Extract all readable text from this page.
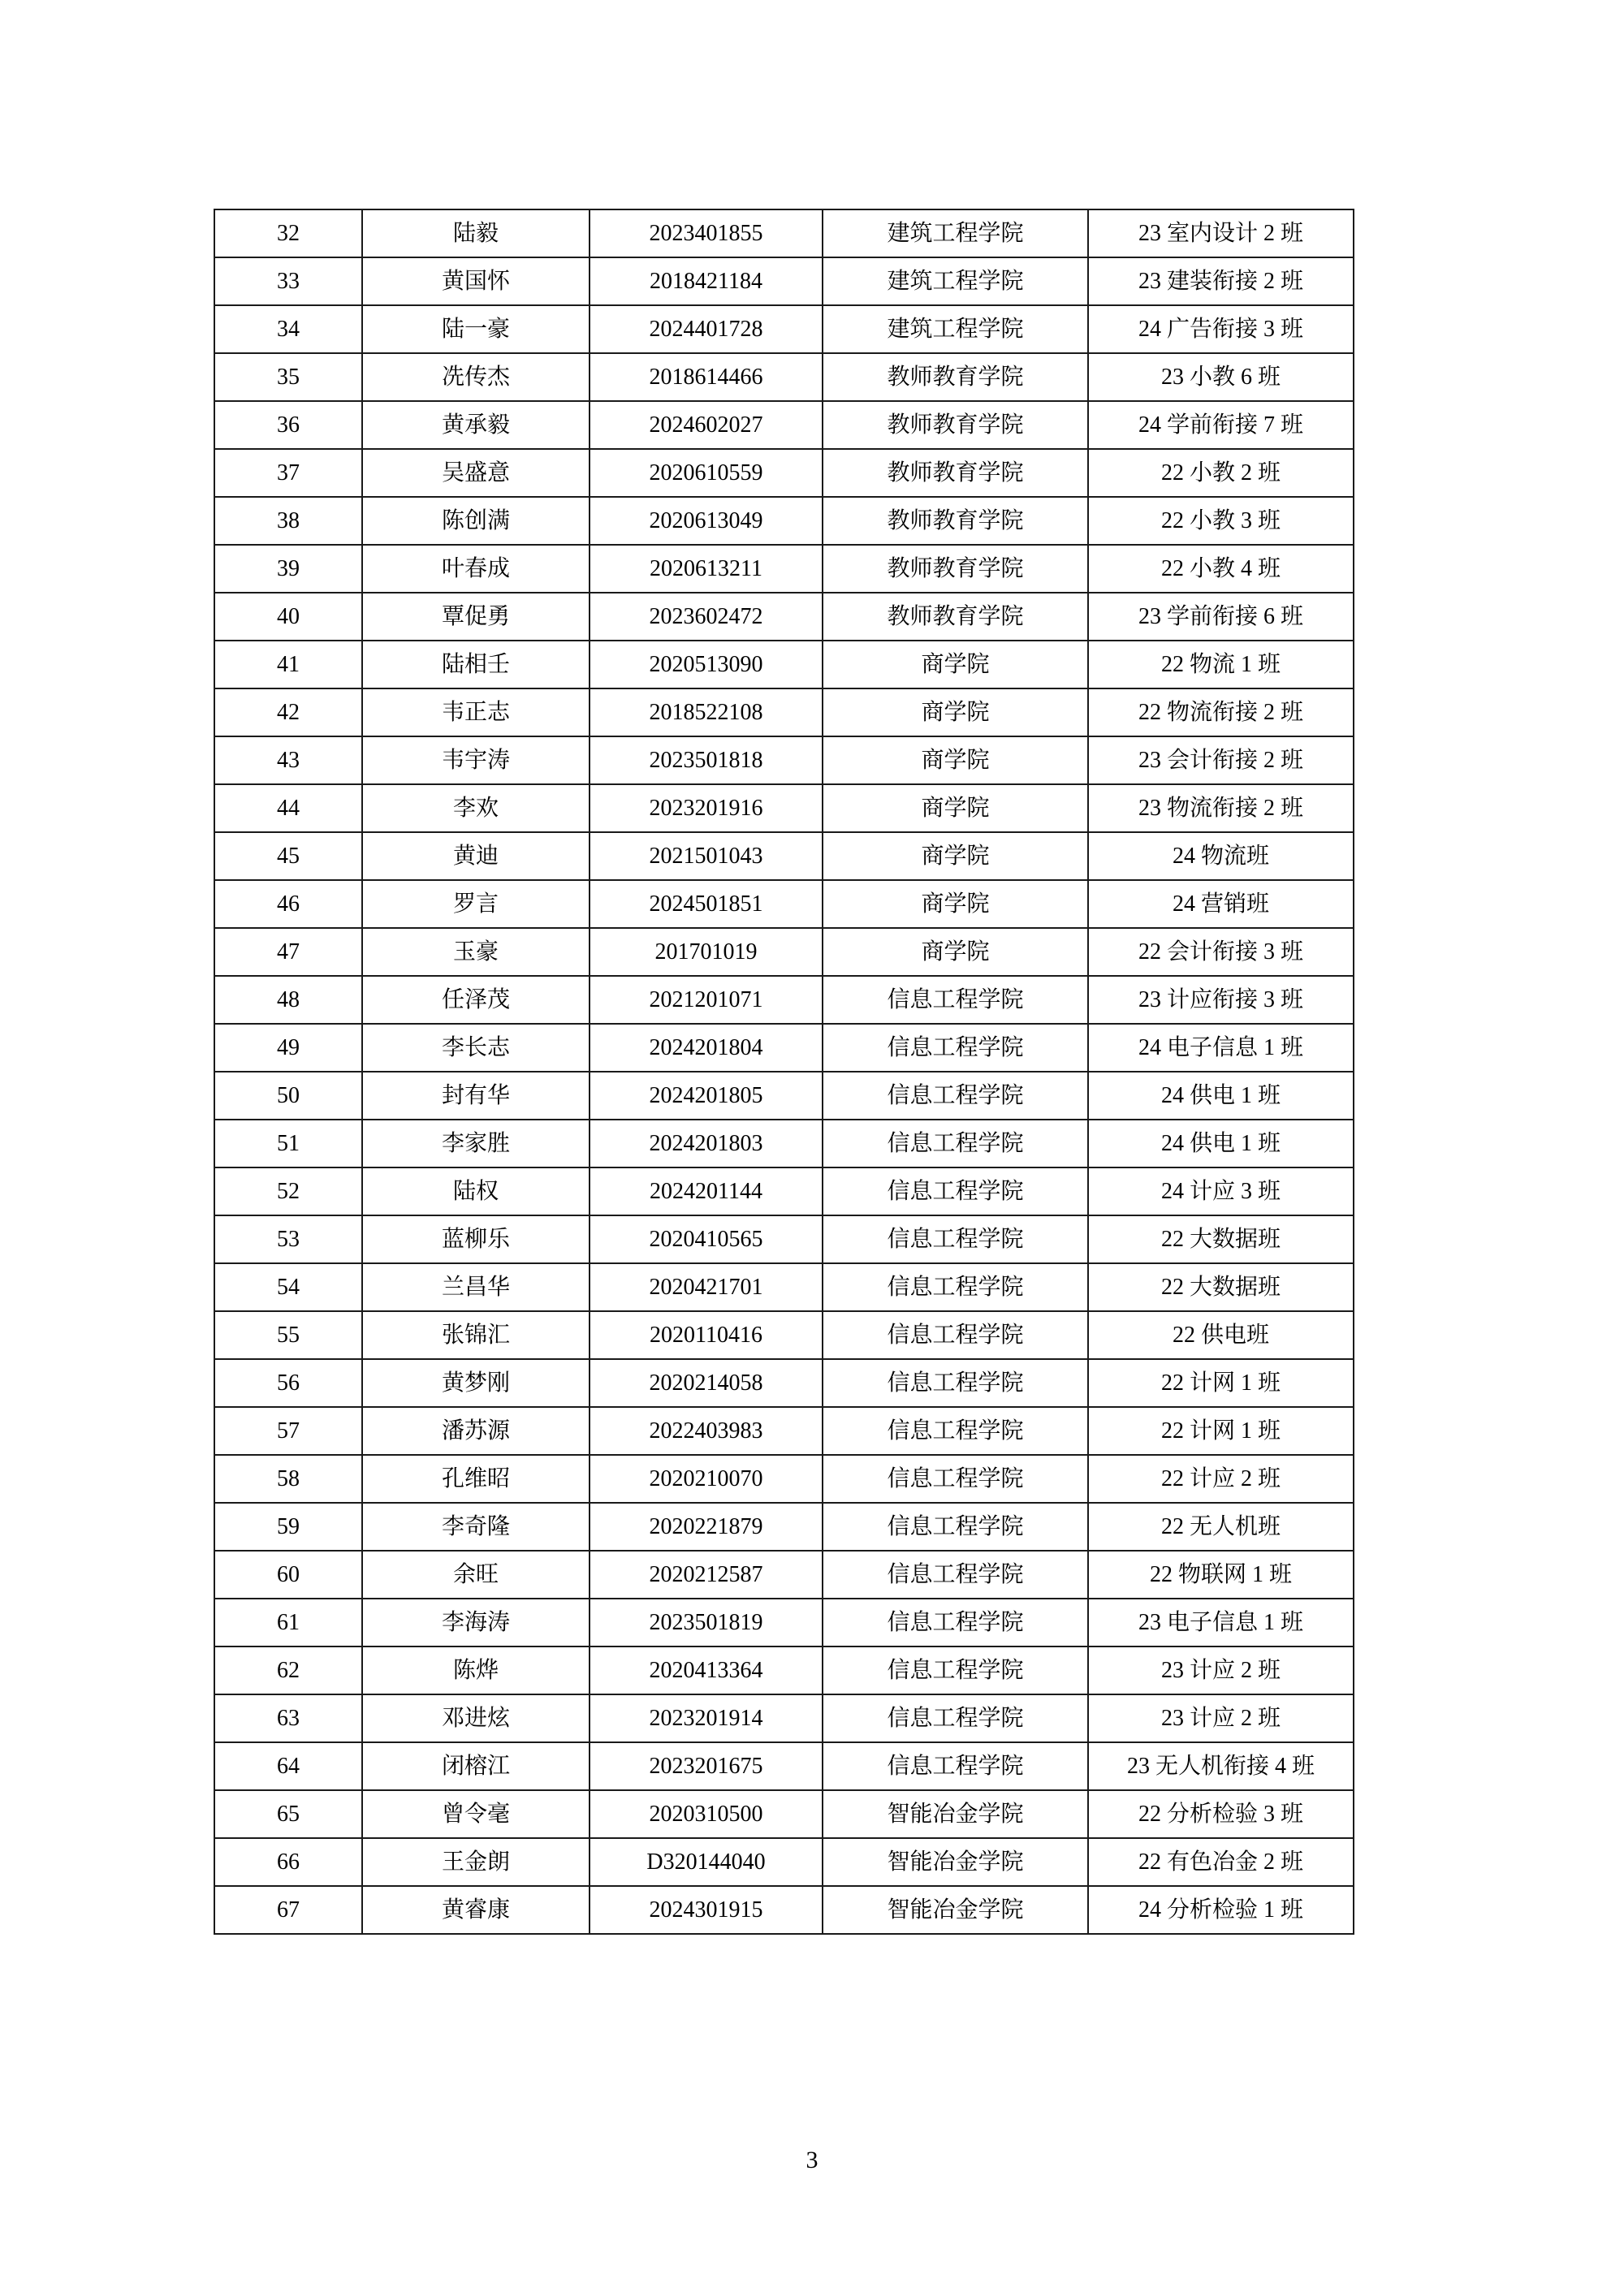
32	陆毅	2023401855	建筑工程学院	23 室内设计 2 班
33	黄国怀	2018421184	建筑工程学院	23 建装衔接 2 班
34	陆一豪	2024401728	建筑工程学院	24 广告衔接 3 班
35	冼传杰	2018614466	教师教育学院	23 小教 6 班
36	黄承毅	2024602027	教师教育学院	24 学前衔接 7 班
37	吴盛意	2020610559	教师教育学院	22 小教 2 班
38	陈创满	2020613049	教师教育学院	22 小教 3 班
39	叶春成	2020613211	教师教育学院	22 小教 4 班
40	覃促勇	2023602472	教师教育学院	23 学前衔接 6 班
41	陆相壬	2020513090	商学院	22 物流 1 班
42	韦正志	2018522108	商学院	22 物流衔接 2 班
43	韦宇涛	2023501818	商学院	23 会计衔接 2 班
44	李欢	2023201916	商学院	23 物流衔接 2 班
45	黄迪	2021501043	商学院	24 物流班
46	罗言	2024501851	商学院	24 营销班
47	玉豪	201701019	商学院	22 会计衔接 3 班
48	任泽茂	2021201071	信息工程学院	23 计应衔接 3 班
49	李长志	2024201804	信息工程学院	24 电子信息 1 班
50	封有华	2024201805	信息工程学院	24 供电 1 班
51	李家胜	2024201803	信息工程学院	24 供电 1 班
52	陆权	2024201144	信息工程学院	24 计应 3 班
53	蓝柳乐	2020410565	信息工程学院	22 大数据班
54	兰昌华	2020421701	信息工程学院	22 大数据班
55	张锦汇	2020110416	信息工程学院	22 供电班
56	黄梦刚	2020214058	信息工程学院	22 计网 1 班
57	潘苏源	2022403983	信息工程学院	22 计网 1 班
58	孔维昭	2020210070	信息工程学院	22 计应 2 班
59	李奇隆	2020221879	信息工程学院	22 无人机班
60	余旺	2020212587	信息工程学院	22 物联网 1 班
61	李海涛	2023501819	信息工程学院	23 电子信息 1 班
62	陈烨	2020413364	信息工程学院	23 计应 2 班
63	邓进炫	2023201914	信息工程学院	23 计应 2 班
64	闭榕江	2023201675	信息工程学院	23 无人机衔接 4 班
65	曾令毫	2020310500	智能冶金学院	22 分析检验 3 班
66	王金朗	D320144040	智能冶金学院	22 有色冶金 2 班
67	黄睿康	2024301915	智能冶金学院	24 分析检验 1 班
3
